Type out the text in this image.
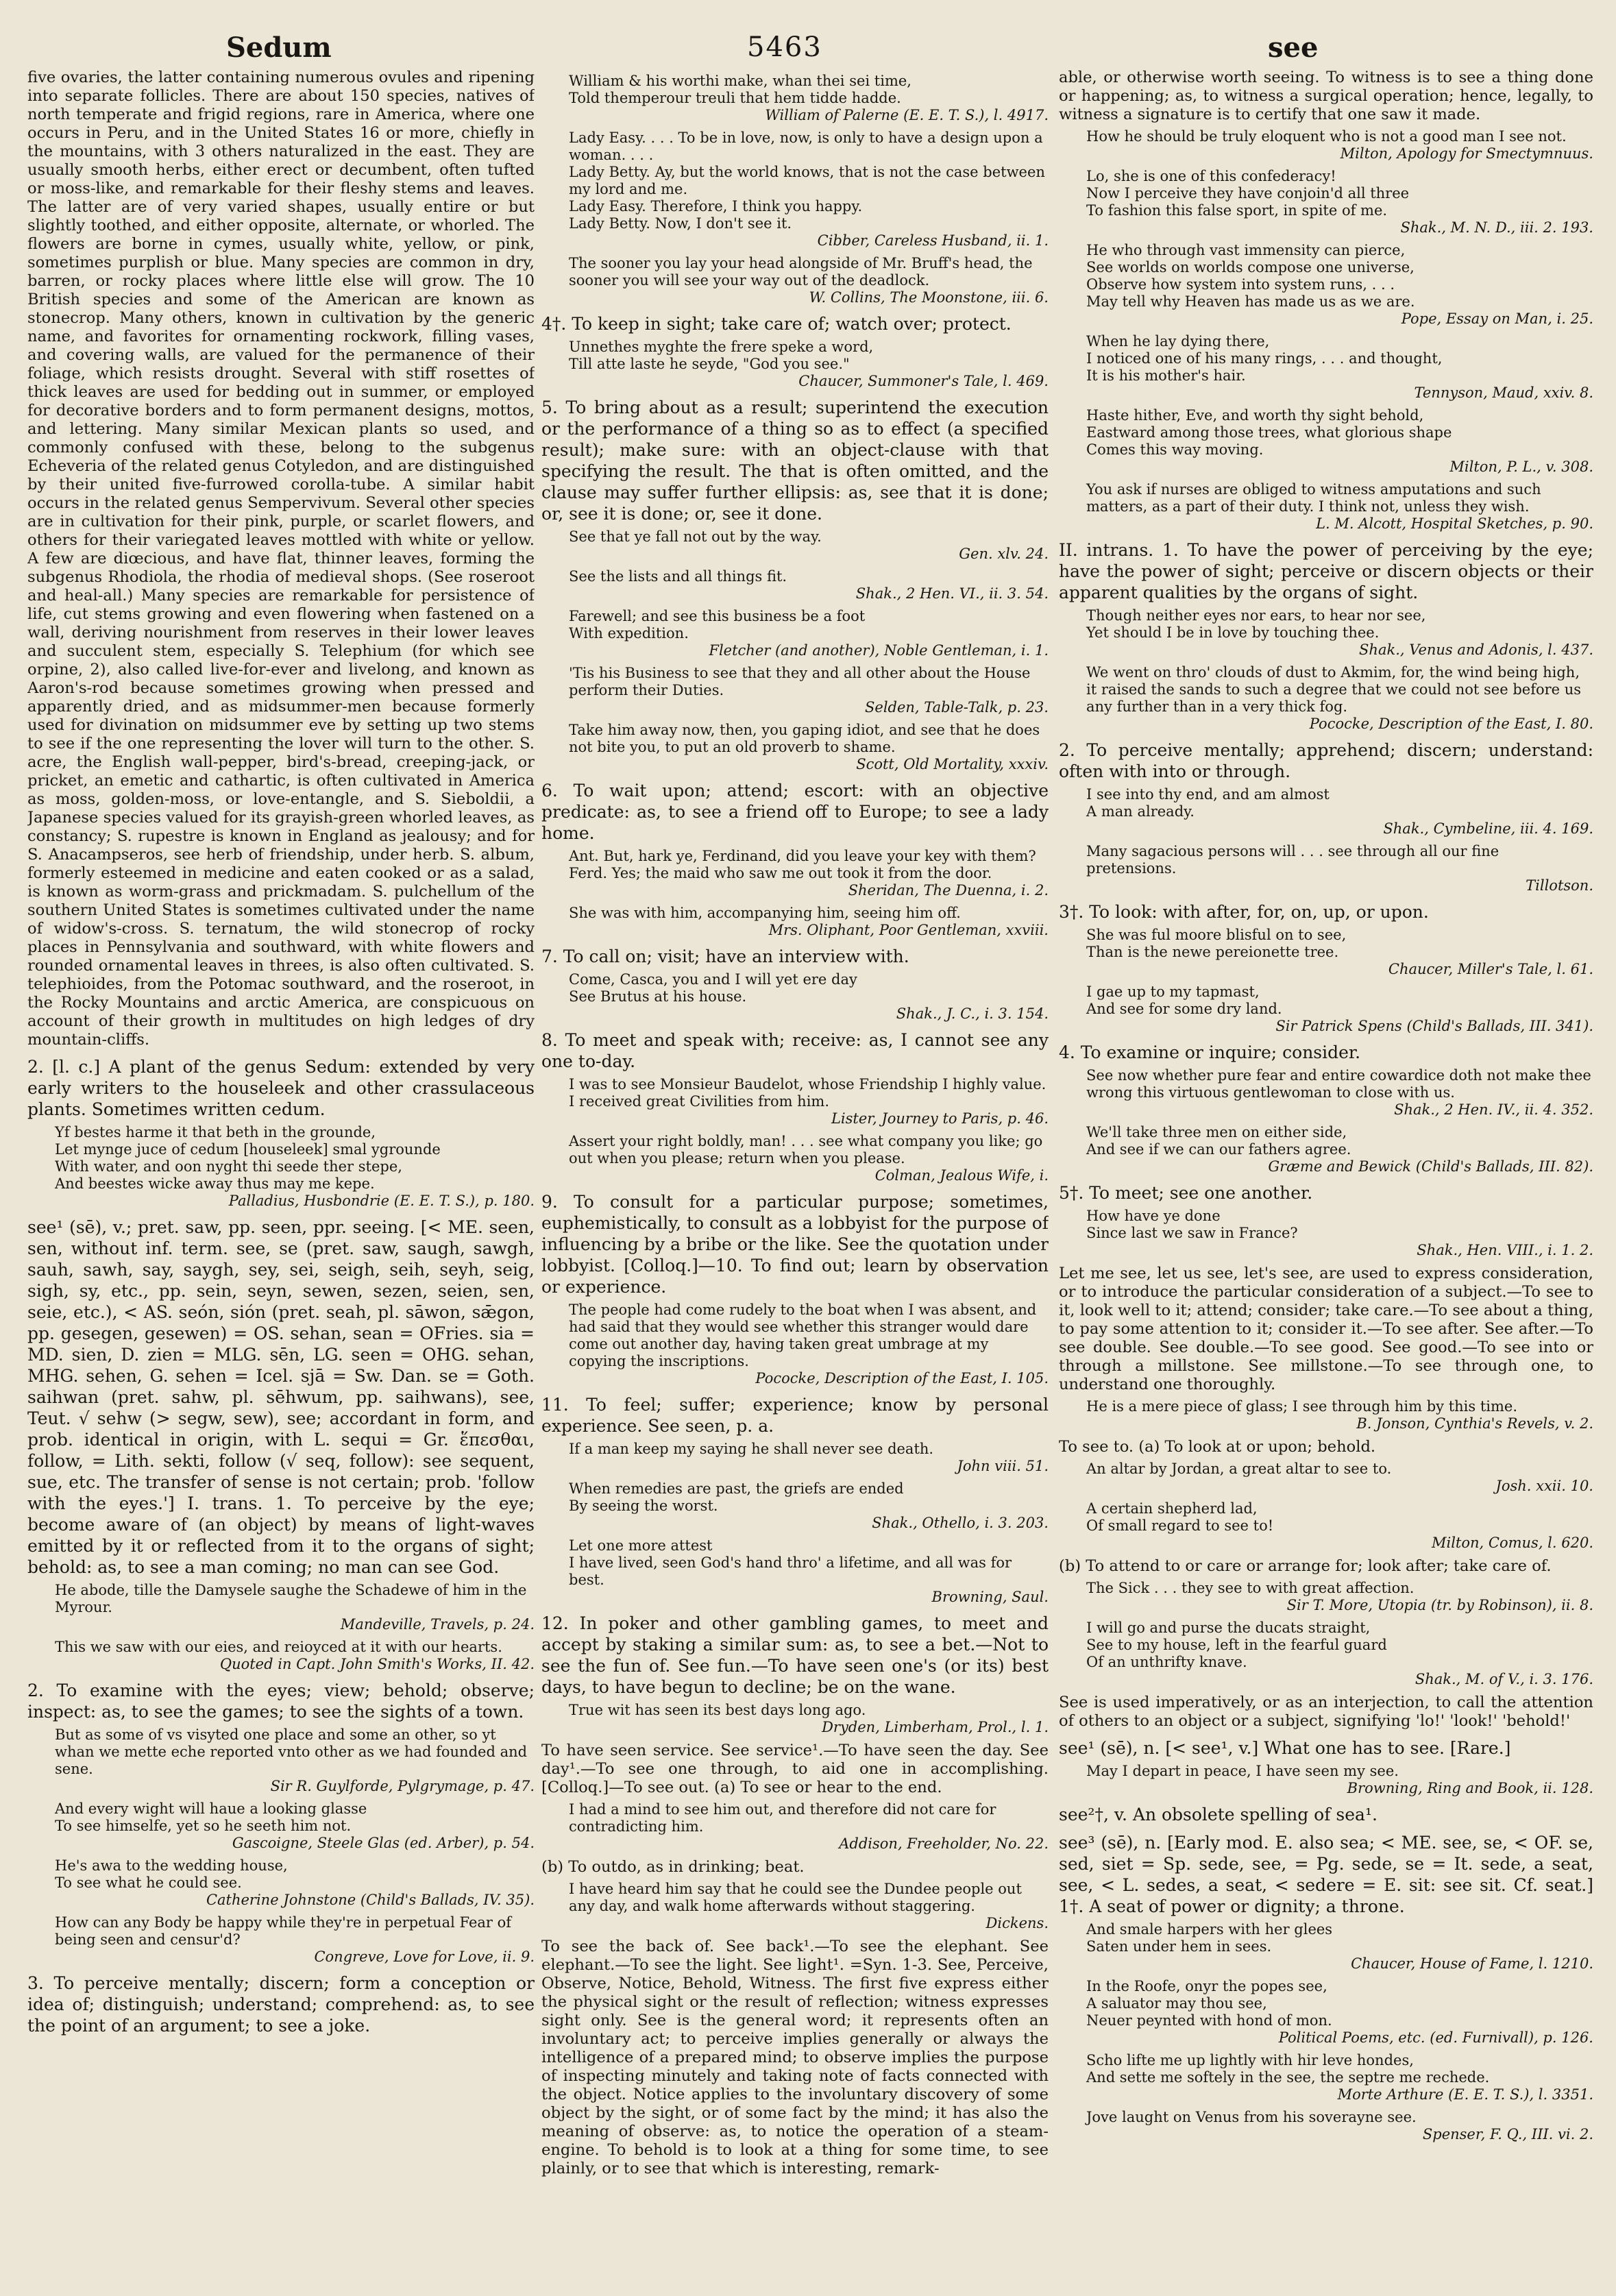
Sedum	5463	see
five ovaries, the latter containing numerous ovules and ripening into separate follicles. There are about 150 species, natives of north temperate and frigid regions, rare in America, where one occurs in Peru, and in the United States 16 or more, chiefly in the mountains, with 3 others naturalized in the east. They are usually smooth herbs, either erect or decumbent, often tufted or moss-like, and remarkable for their fleshy stems and leaves. The latter are of very varied shapes, usually entire or but slightly toothed, and either opposite, alternate, or whorled. The flowers are borne in cymes, usually white, yellow, or pink, sometimes purplish or blue. Many species are common in dry, barren, or rocky places where little else will grow. The 10 British species and some of the American are known as stonecrop. Many others, known in cultivation by the generic name, and favorites for ornamenting rockwork, filling vases, and covering walls, are valued for the permanence of their foliage, which resists drought. Several with stiff rosettes of thick leaves are used for bedding out in summer, or employed for decorative borders and to form permanent designs, mottos, and lettering. Many similar Mexican plants so used, and commonly confused with these, belong to the subgenus Echeveria of the related genus Cotyledon, and are distinguished by their united five-furrowed corolla-tube. A similar habit occurs in the related genus Sempervivum. Several other species are in cultivation for their pink, purple, or scarlet flowers, and others for their variegated leaves mottled with white or yellow. A few are diœcious, and have flat, thinner leaves, forming the subgenus Rhodiola, the rhodia of medieval shops. (See roseroot and heal-all.) Many species are remarkable for persistence of life, cut stems growing and even flowering when fastened on a wall, deriving nourishment from reserves in their lower leaves and succulent stem, especially S. Telephium (for which see orpine, 2), also called live-for-ever and livelong, and known as Aaron's-rod because sometimes growing when pressed and apparently dried, and as midsummer-men because formerly used for divination on midsummer eve by setting up two stems to see if the one representing the lover will turn to the other. S. acre, the English wall-pepper, bird's-bread, creeping-jack, or pricket, an emetic and cathartic, is often cultivated in America as moss, golden-moss, or love-entangle, and S. Sieboldii, a Japanese species valued for its grayish-green whorled leaves, as constancy; S. rupestre is known in England as jealousy; and for S. Anacampseros, see herb of friendship, under herb. S. album, formerly esteemed in medicine and eaten cooked or as a salad, is known as worm-grass and prickmadam. S. pulchellum of the southern United States is sometimes cultivated under the name of widow's-cross. S. ternatum, the wild stonecrop of rocky places in Pennsylvania and southward, with white flowers and rounded ornamental leaves in threes, is also often cultivated. S. telephioides, from the Potomac southward, and the roseroot, in the Rocky Mountains and arctic America, are conspicuous on account of their growth in multitudes on high ledges of dry mountain-cliffs.
2. [l. c.] A plant of the genus Sedum: extended by very early writers to the houseleek and other crassulaceous plants. Sometimes written cedum.
Yf bestes harme it that beth in the grounde,
Let mynge juce of cedum [houseleek] smal ygrounde
With water, and oon nyght thi seede ther stepe,
And beestes wicke away thus may me kepe.
Palladius, Husbondrie (E. E. T. S.), p. 180.
see¹ (sē), v.; pret. saw, pp. seen, ppr. seeing. [< ME. seen, sen, without inf. term. see, se (pret. saw, saugh, sawgh, sauh, sawh, say, saygh, sey, sei, seigh, seih, seyh, seig, sigh, sy, etc., pp. sein, seyn, sewen, sezen, seien, sen, seie, etc.), < AS. seón, sión (pret. seah, pl. sāwon, sǣgon, pp. gesegen, gesewen) = OS. sehan, sean = OFries. sia = MD. sien, D. zien = MLG. sēn, LG. seen = OHG. sehan, MHG. sehen, G. sehen = Icel. sjā = Sw. Dan. se = Goth. saihwan (pret. sahw, pl. sēhwum, pp. saihwans), see, Teut. √ sehw (> segw, sew), see; accordant in form, and prob. identical in origin, with L. sequi = Gr. ἕπεσθαι, follow, = Lith. sekti, follow (√ seq, follow): see sequent, sue, etc. The transfer of sense is not certain; prob. 'follow with the eyes.'] I. trans. 1. To perceive by the eye; become aware of (an object) by means of light-waves emitted by it or reflected from it to the organs of sight; behold: as, to see a man coming; no man can see God.
He abode, tille the Damysele saughe the Schadewe of him in the Myrour.
Mandeville, Travels, p. 24.
This we saw with our eies, and reioyced at it with our hearts.
Quoted in Capt. John Smith's Works, II. 42.
2. To examine with the eyes; view; behold; observe; inspect: as, to see the games; to see the sights of a town.
But as some of vs visyted one place and some an other, so yt whan we mette eche reported vnto other as we had founded and sene.
Sir R. Guylforde, Pylgrymage, p. 47.
And every wight will haue a looking glasse
To see himselfe, yet so he seeth him not.
Gascoigne, Steele Glas (ed. Arber), p. 54.
He's awa to the wedding house,
To see what he could see.
Catherine Johnstone (Child's Ballads, IV. 35).
How can any Body be happy while they're in perpetual Fear of being seen and censur'd?
Congreve, Love for Love, ii. 9.
3. To perceive mentally; discern; form a conception or idea of; distinguish; understand; comprehend: as, to see the point of an argument; to see a joke.
William & his worthi make, whan thei sei time,
Told themperour treuli that hem tidde hadde.
William of Palerne (E. E. T. S.), l. 4917.
Lady Easy. . . . To be in love, now, is only to have a design upon a woman. . . .
Lady Betty. Ay, but the world knows, that is not the case between my lord and me.
Lady Easy. Therefore, I think you happy.
Lady Betty. Now, I don't see it.
Cibber, Careless Husband, ii. 1.
The sooner you lay your head alongside of Mr. Bruff's head, the sooner you will see your way out of the deadlock.
W. Collins, The Moonstone, iii. 6.
4†. To keep in sight; take care of; watch over; protect.
Unnethes myghte the frere speke a word,
Till atte laste he seyde, "God you see."
Chaucer, Summoner's Tale, l. 469.
5. To bring about as a result; superintend the execution or the performance of a thing so as to effect (a specified result); make sure: with an object-clause with that specifying the result. The that is often omitted, and the clause may suffer further ellipsis: as, see that it is done; or, see it is done; or, see it done.
See that ye fall not out by the way.
Gen. xlv. 24.
See the lists and all things fit.
Shak., 2 Hen. VI., ii. 3. 54.
Farewell; and see this business be a foot
With expedition.
Fletcher (and another), Noble Gentleman, i. 1.
'Tis his Business to see that they and all other about the House perform their Duties.
Selden, Table-Talk, p. 23.
Take him away now, then, you gaping idiot, and see that he does not bite you, to put an old proverb to shame.
Scott, Old Mortality, xxxiv.
6. To wait upon; attend; escort: with an objective predicate: as, to see a friend off to Europe; to see a lady home.
Ant. But, hark ye, Ferdinand, did you leave your key with them?
Ferd. Yes; the maid who saw me out took it from the door.
Sheridan, The Duenna, i. 2.
She was with him, accompanying him, seeing him off.
Mrs. Oliphant, Poor Gentleman, xxviii.
7. To call on; visit; have an interview with.
Come, Casca, you and I will yet ere day
See Brutus at his house.
Shak., J. C., i. 3. 154.
8. To meet and speak with; receive: as, I cannot see any one to-day.
I was to see Monsieur Baudelot, whose Friendship I highly value. I received great Civilities from him.
Lister, Journey to Paris, p. 46.
Assert your right boldly, man! . . . see what company you like; go out when you please; return when you please.
Colman, Jealous Wife, i.
9. To consult for a particular purpose; sometimes, euphemistically, to consult as a lobbyist for the purpose of influencing by a bribe or the like. See the quotation under lobbyist. [Colloq.]—10. To find out; learn by observation or experience.
The people had come rudely to the boat when I was absent, and had said that they would see whether this stranger would dare come out another day, having taken great umbrage at my copying the inscriptions.
Pococke, Description of the East, I. 105.
11. To feel; suffer; experience; know by personal experience. See seen, p. a.
If a man keep my saying he shall never see death.
John viii. 51.
When remedies are past, the griefs are ended
By seeing the worst.
Shak., Othello, i. 3. 203.
Let one more attest
I have lived, seen God's hand thro' a lifetime, and all was for best.
Browning, Saul.
12. In poker and other gambling games, to meet and accept by staking a similar sum: as, to see a bet.—Not to see the fun of. See fun.—To have seen one's (or its) best days, to have begun to decline; be on the wane.
True wit has seen its best days long ago.
Dryden, Limberham, Prol., l. 1.
To have seen service. See service¹.—To have seen the day. See day¹.—To see one through, to aid one in accomplishing. [Colloq.]—To see out. (a) To see or hear to the end.
I had a mind to see him out, and therefore did not care for contradicting him.
Addison, Freeholder, No. 22.
(b) To outdo, as in drinking; beat.
I have heard him say that he could see the Dundee people out any day, and walk home afterwards without staggering.
Dickens.
To see the back of. See back¹.—To see the elephant. See elephant.—To see the light. See light¹. =Syn. 1-3. See, Perceive, Observe, Notice, Behold, Witness. The first five express either the physical sight or the result of reflection; witness expresses sight only. See is the general word; it represents often an involuntary act; to perceive implies generally or always the intelligence of a prepared mind; to observe implies the purpose of inspecting minutely and taking note of facts connected with the object. Notice applies to the involuntary discovery of some object by the sight, or of some fact by the mind; it has also the meaning of observe: as, to notice the operation of a steam-engine. To behold is to look at a thing for some time, to see plainly, or to see that which is interesting, remark-
able, or otherwise worth seeing. To witness is to see a thing done or happening; as, to witness a surgical operation; hence, legally, to witness a signature is to certify that one saw it made.
How he should be truly eloquent who is not a good man I see not.
Milton, Apology for Smectymnuus.
Lo, she is one of this confederacy!
Now I perceive they have conjoin'd all three
To fashion this false sport, in spite of me.
Shak., M. N. D., iii. 2. 193.
He who through vast immensity can pierce,
See worlds on worlds compose one universe,
Observe how system into system runs, . . .
May tell why Heaven has made us as we are.
Pope, Essay on Man, i. 25.
When he lay dying there,
I noticed one of his many rings, . . . and thought,
It is his mother's hair.
Tennyson, Maud, xxiv. 8.
Haste hither, Eve, and worth thy sight behold,
Eastward among those trees, what glorious shape
Comes this way moving.
Milton, P. L., v. 308.
You ask if nurses are obliged to witness amputations and such matters, as a part of their duty. I think not, unless they wish.
L. M. Alcott, Hospital Sketches, p. 90.
II. intrans. 1. To have the power of perceiving by the eye; have the power of sight; perceive or discern objects or their apparent qualities by the organs of sight.
Though neither eyes nor ears, to hear nor see,
Yet should I be in love by touching thee.
Shak., Venus and Adonis, l. 437.
We went on thro' clouds of dust to Akmim, for, the wind being high, it raised the sands to such a degree that we could not see before us any further than in a very thick fog.
Pococke, Description of the East, I. 80.
2. To perceive mentally; apprehend; discern; understand: often with into or through.
I see into thy end, and am almost
A man already.
Shak., Cymbeline, iii. 4. 169.
Many sagacious persons will . . . see through all our fine pretensions.
Tillotson.
3†. To look: with after, for, on, up, or upon.
She was ful moore blisful on to see,
Than is the newe pereionette tree.
Chaucer, Miller's Tale, l. 61.
I gae up to my tapmast,
And see for some dry land.
Sir Patrick Spens (Child's Ballads, III. 341).
4. To examine or inquire; consider.
See now whether pure fear and entire cowardice doth not make thee wrong this virtuous gentlewoman to close with us.
Shak., 2 Hen. IV., ii. 4. 352.
We'll take three men on either side,
And see if we can our fathers agree.
Græme and Bewick (Child's Ballads, III. 82).
5†. To meet; see one another.
How have ye done
Since last we saw in France?
Shak., Hen. VIII., i. 1. 2.
Let me see, let us see, let's see, are used to express consideration, or to introduce the particular consideration of a subject.—To see to it, look well to it; attend; consider; take care.—To see about a thing, to pay some attention to it; consider it.—To see after. See after.—To see double. See double.—To see good. See good.—To see into or through a millstone. See millstone.—To see through one, to understand one thoroughly.
He is a mere piece of glass; I see through him by this time.
B. Jonson, Cynthia's Revels, v. 2.
To see to. (a) To look at or upon; behold.
An altar by Jordan, a great altar to see to.
Josh. xxii. 10.
A certain shepherd lad,
Of small regard to see to!
Milton, Comus, l. 620.
(b) To attend to or care or arrange for; look after; take care of.
The Sick . . . they see to with great affection.
Sir T. More, Utopia (tr. by Robinson), ii. 8.
I will go and purse the ducats straight,
See to my house, left in the fearful guard
Of an unthrifty knave.
Shak., M. of V., i. 3. 176.
See is used imperatively, or as an interjection, to call the attention of others to an object or a subject, signifying 'lo!' 'look!' 'behold!'
see¹ (sē), n. [< see¹, v.] What one has to see. [Rare.]
May I depart in peace, I have seen my see.
Browning, Ring and Book, ii. 128.
see²†, v. An obsolete spelling of sea¹.
see³ (sē), n. [Early mod. E. also sea; < ME. see, se, < OF. se, sed, siet = Sp. sede, see, = Pg. sede, se = It. sede, a seat, see, < L. sedes, a seat, < sedere = E. sit: see sit. Cf. seat.] 1†. A seat of power or dignity; a throne.
And smale harpers with her glees
Saten under hem in sees.
Chaucer, House of Fame, l. 1210.
In the Roofe, onyr the popes see,
A saluator may thou see,
Neuer peynted with hond of mon.
Political Poems, etc. (ed. Furnivall), p. 126.
Scho lifte me up lightly with hir leve hondes,
And sette me softely in the see, the septre me rechede.
Morte Arthure (E. E. T. S.), l. 3351.
Jove laught on Venus from his soverayne see.
Spenser, F. Q., III. vi. 2.
